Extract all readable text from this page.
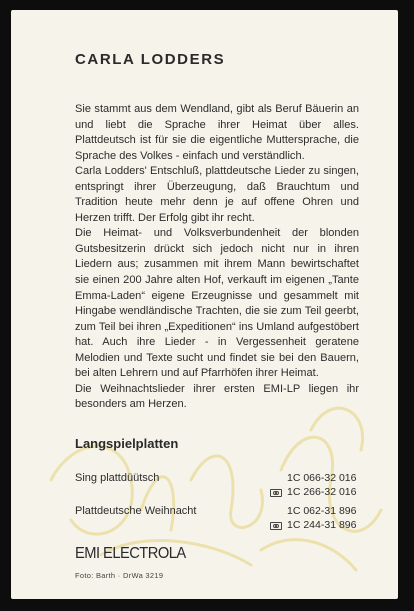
CARLA LODDERS

Sie stammt aus dem Wendland, gibt als Beruf Bäuerin an und liebt die Sprache ihrer Heimat über alles. Plattdeutsch ist für sie die eigentliche Muttersprache, die Sprache des Volkes - einfach und verständlich.

Carla Lodders' Entschluß, plattdeutsche Lieder zu singen, entspringt ihrer Überzeugung, daß Brauchtum und Tradition heute mehr denn je auf offene Ohren und Herzen trifft. Der Erfolg gibt ihr recht.

Die Heimat- und Volksverbundenheit der blonden Gutsbesitzerin drückt sich jedoch nicht nur in ihren Liedern aus; zusammen mit ihrem Mann bewirtschaftet sie einen 200 Jahre alten Hof, verkauft im eigenen „Tante Emma-Laden“ eigene Erzeugnisse und gesammelt mit Hingabe wendländische Trachten, die sie zum Teil geerbt, zum Teil bei ihren „Expeditionen“ ins Umland aufgestöbert hat. Auch ihre Lieder - in Vergessenheit geratene Melodien und Texte sucht und findet sie bei den Bauern, bei alten Lehrern und auf Pfarrhöfen ihrer Heimat.

Die Weihnachtslieder ihrer ersten EMI-LP liegen ihr besonders am Herzen.

Langspielplatten
Sing plattdüütsch	1C 066-32 016
1C 266-32 016
Plattdeutsche Weihnacht	1C 062-31 896
1C 244-31 896
EMI ELECTROLA
Foto: Barth · DrWa 3219
